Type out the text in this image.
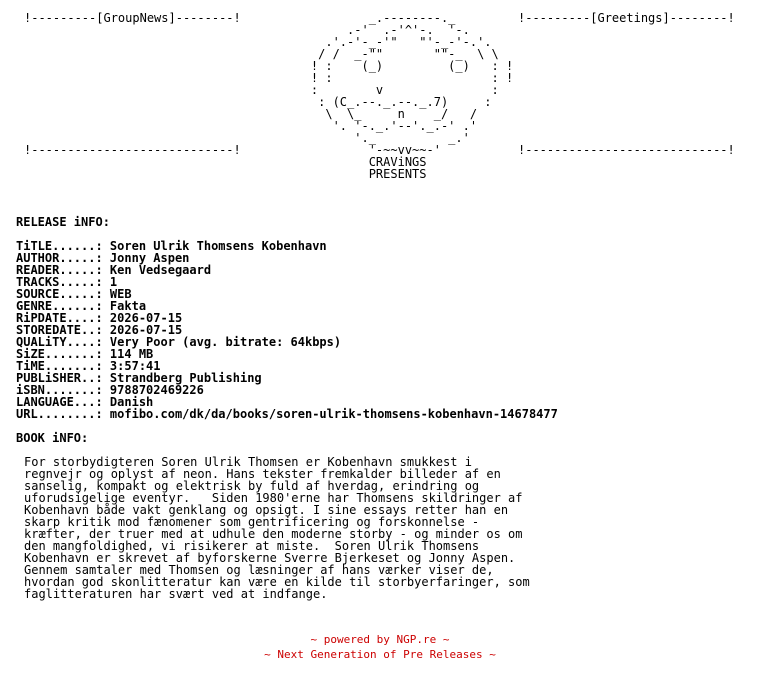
!---------[GroupNews]--------!
!----------------------------!
!---------[Greetings]--------!
!----------------------------!
_.--------._
.-'  .-'^'-.  '-.
.'.-'-_-'"   "'-_-'-.'.
/ /  _-""       ""-_  \ \
! :    (_)         (_)   : !
! :                      : !
:        v               :
: (C_.--._.--._.7)     :
\  \_     n    _/   /
'. '-._.'--'._.-' .'
'._          _.'
'-~~vv~~-'
CRAViNGS
PRESENTS
RELEASE iNFO:
TiTLE......: Soren Ulrik Thomsens Kobenhavn
AUTHOR.....: Jonny Aspen
READER.....: Ken Vedsegaard
TRACKS.....: 1
SOURCE.....: WEB
GENRE......: Fakta
RiPDATE....: 2026-07-15
STOREDATE..: 2026-07-15
QUALiTY....: Very Poor (avg. bitrate: 64kbps)
SiZE.......: 114 MB
TiME.......: 3:57:41
PUBLiSHER..: Strandberg Publishing
iSBN.......: 9788702469226
LANGUAGE...: Danish
URL........: mofibo.com/dk/da/books/soren-ulrik-thomsens-kobenhavn-14678477
BOOK iNFO:
For storbydigteren Soren Ulrik Thomsen er Kobenhavn smukkest i
regnvejr og oplyst af neon. Hans tekster fremkalder billeder af en
sanselig, kompakt og elektrisk by fuld af hverdag, erindring og
uforudsigelige eventyr.   Siden 1980'erne har Thomsens skildringer af
Kobenhavn både vakt genklang og opsigt. I sine essays retter han en
skarp kritik mod fænomener som gentrificering og forskonnelse -
kræfter, der truer med at udhule den moderne storby - og minder os om
den mangfoldighed, vi risikerer at miste.  Soren Ulrik Thomsens
Kobenhavn er skrevet af byforskerne Sverre Bjerkeset og Jonny Aspen.
Gennem samtaler med Thomsen og læsninger af hans værker viser de,
hvordan god skonlitteratur kan være en kilde til storbyerfaringer, som
faglitteraturen har svært ved at indfange.
~ powered by NGP.re ~
~ Next Generation of Pre Releases ~
